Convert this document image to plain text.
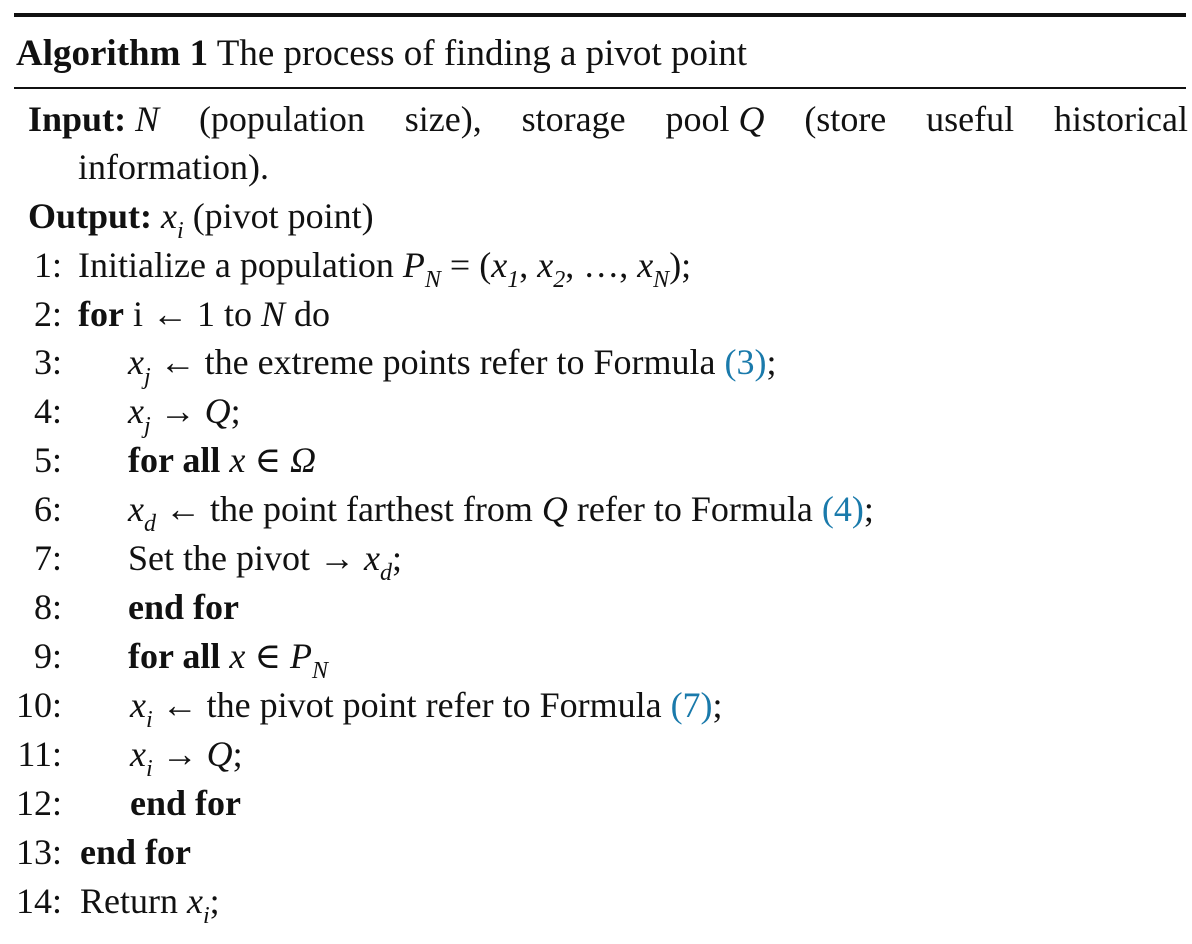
Algorithm 1 The process of finding a pivot point
Input: N (population size), storage pool Q (store useful historical
information).
Output: $x_i$ (pivot point)
1: Initialize a population $P_N = (x_1$, $x_2$, …, $x_N$);
2: for i ← 1 to N do
3: $x_j$ ← the extreme points refer to Formula (3);
4: $x_j \to Q$;
5: for all x ∈ Ω
6: $x_d$ ← the point farthest from Q refer to Formula (4);
7: Set the pivot → $x_d$;
8: end for
9: for all x ∈ $P_N$
10: $x_i$ ← the pivot point refer to Formula (7);
11: $x_i \to Q$;
12: end for
13: end for
14: Return $x_i$;
